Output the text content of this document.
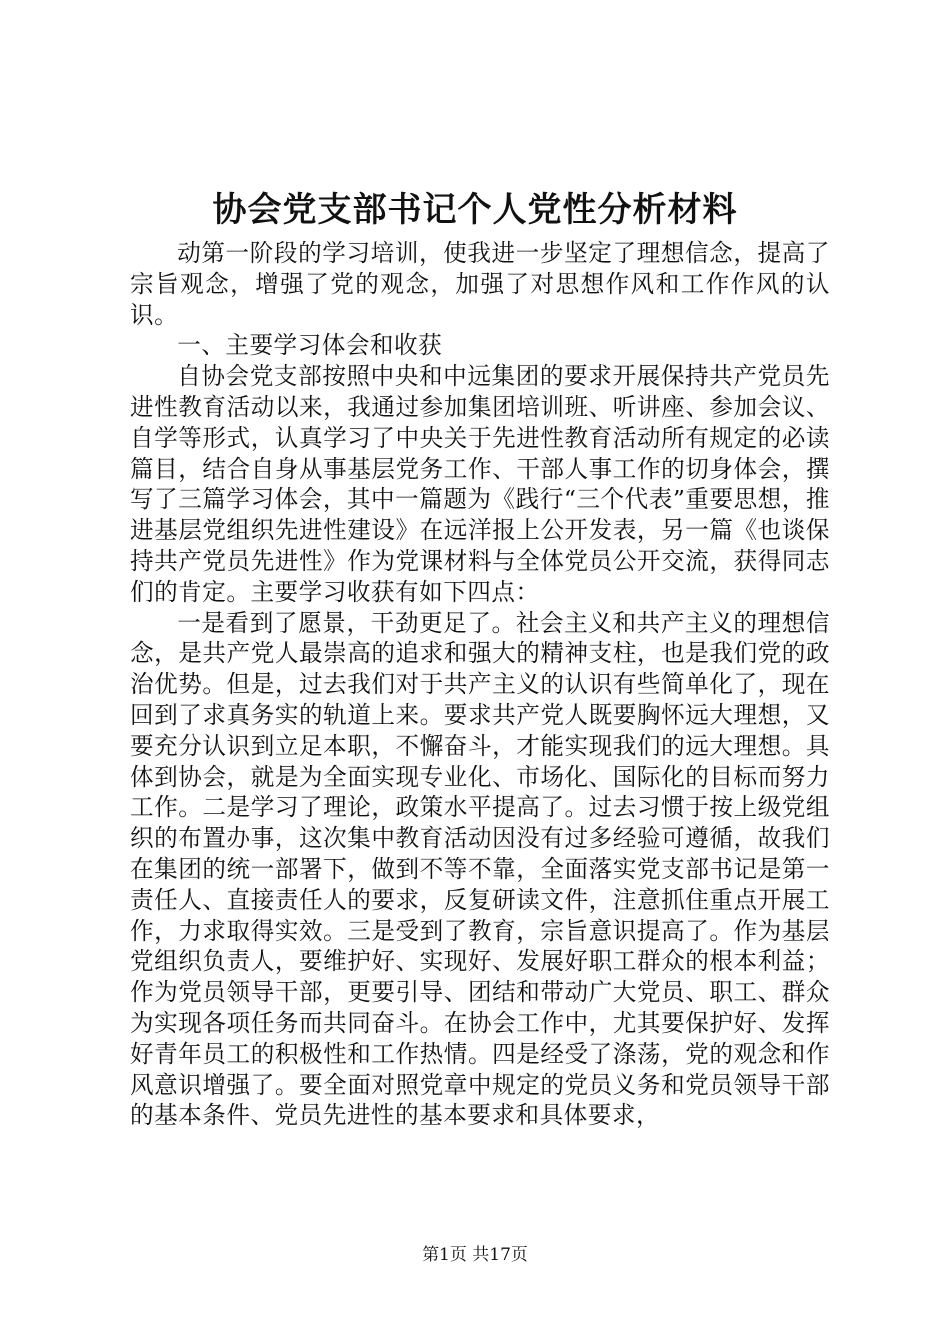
协会党支部书记个人党性分析材料

动第一阶段的学习培训，使我进一步坚定了理想信念，提高了宗旨观念，增强了党的观念，加强了对思想作风和工作作风的认识。

一、主要学习体会和收获

自协会党支部按照中央和中远集团的要求开展保持共产党员先进性教育活动以来，我通过参加集团培训班、听讲座、参加会议、自学等形式，认真学习了中央关于先进性教育活动所有规定的必读篇目，结合自身从事基层党务工作、干部人事工作的切身体会，撰写了三篇学习体会，其中一篇题为《践行“三个代表”重要思想，推进基层党组织先进性建设》在远洋报上公开发表，另一篇《也谈保持共产党员先进性》作为党课材料与全体党员公开交流，获得同志们的肯定。主要学习收获有如下四点：

一是看到了愿景，干劲更足了。社会主义和共产主义的理想信念，是共产党人最崇高的追求和强大的精神支柱，也是我们党的政治优势。但是，过去我们对于共产主义的认识有些简单化了，现在回到了求真务实的轨道上来。要求共产党人既要胸怀远大理想，又要充分认识到立足本职，不懈奋斗，才能实现我们的远大理想。具体到协会，就是为全面实现专业化、市场化、国际化的目标而努力工作。二是学习了理论，政策水平提高了。过去习惯于按上级党组织的布置办事，这次集中教育活动因没有过多经验可遵循，故我们在集团的统一部署下，做到不等不靠，全面落实党支部书记是第一责任人、直接责任人的要求，反复研读文件，注意抓住重点开展工作，力求取得实效。三是受到了教育，宗旨意识提高了。作为基层党组织负责人，要维护好、实现好、发展好职工群众的根本利益；作为党员领导干部，更要引导、团结和带动广大党员、职工、群众为实现各项任务而共同奋斗。在协会工作中，尤其要保护好、发挥好青年员工的积极性和工作热情。四是经受了涤荡，党的观念和作风意识增强了。要全面对照党章中规定的党员义务和党员领导干部的基本条件、党员先进性的基本要求和具体要求，

第1页 共17页
